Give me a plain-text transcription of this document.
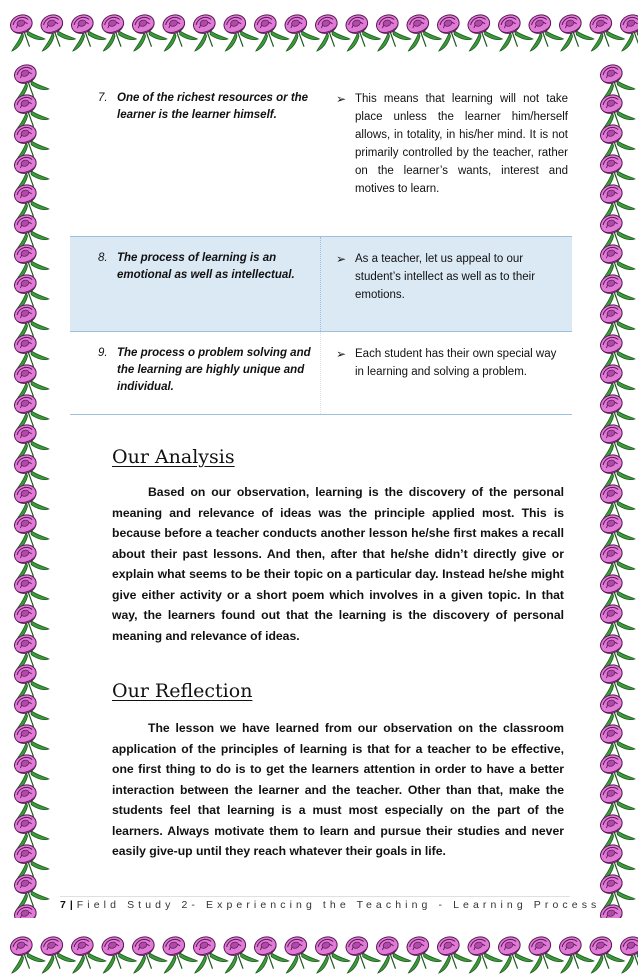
7. One of the richest resources or the learner is the learner himself.
➢ This means that learning will not take place unless the learner him/herself allows, in totality, in his/her mind. It is not primarily controlled by the teacher, rather on the learner’s wants, interest and motives to learn.
8. The process of learning is an emotional as well as intellectual.
➢ As a teacher, let us appeal to our student’s intellect as well as to their emotions.
9. The process o problem solving and the learning are highly unique and individual.
➢ Each student has their own special way in learning and solving a problem.
Our Analysis
Based on our observation, learning is the discovery of the personal meaning and relevance of ideas was the principle applied most. This is because before a teacher conducts another lesson he/she first makes a recall about their past lessons. And then, after that he/she didn’t directly give or explain what seems to be their topic on a particular day. Instead he/she might give either activity or a short poem which involves in a given topic. In that way, the learners found out that the learning is the discovery of personal meaning and relevance of ideas.
Our Reflection
The lesson we have learned from our observation on the classroom application of the principles of learning is that for a teacher to be effective, one first thing to do is to get the learners attention in order to have a better interaction between the learner and the teacher. Other than that, make the students feel that learning is a must most especially on the part of the learners. Always motivate them to learn and pursue their studies and never easily give-up until they reach whatever their goals in life.
7 | Field Study 2- Experiencing the Teaching - Learning Process
